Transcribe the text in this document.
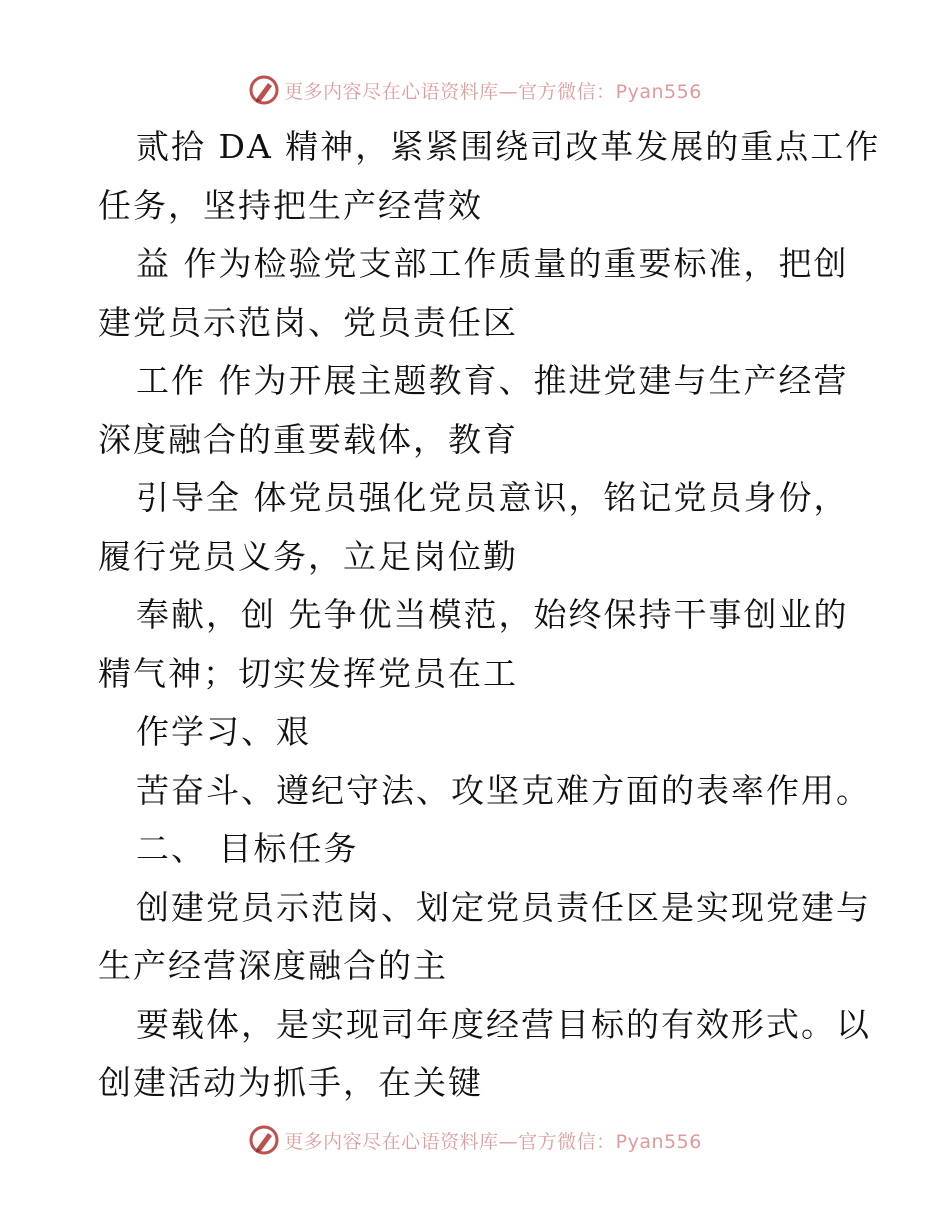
更多内容尽在心语资料库—官方微信：Pyan556
贰拾 DA 精神，紧紧围绕司改革发展的重点工作
任务，坚持把生产经营效
益 作为检验党支部工作质量的重要标准，把创
建党员示范岗、党员责任区
工作 作为开展主题教育、推进党建与生产经营
深度融合的重要载体，教育
引导全 体党员强化党员意识，铭记党员身份，
履行党员义务，立足岗位勤
奉献，创 先争优当模范，始终保持干事创业的
精气神；切实发挥党员在工
作学习、艰
苦奋斗、遵纪守法、攻坚克难方面的表率作用。
二、 目标任务
创建党员示范岗、划定党员责任区是实现党建与
生产经营深度融合的主
要载体，是实现司年度经营目标的有效形式。以
创建活动为抓手，在关键
更多内容尽在心语资料库—官方微信：Pyan556
